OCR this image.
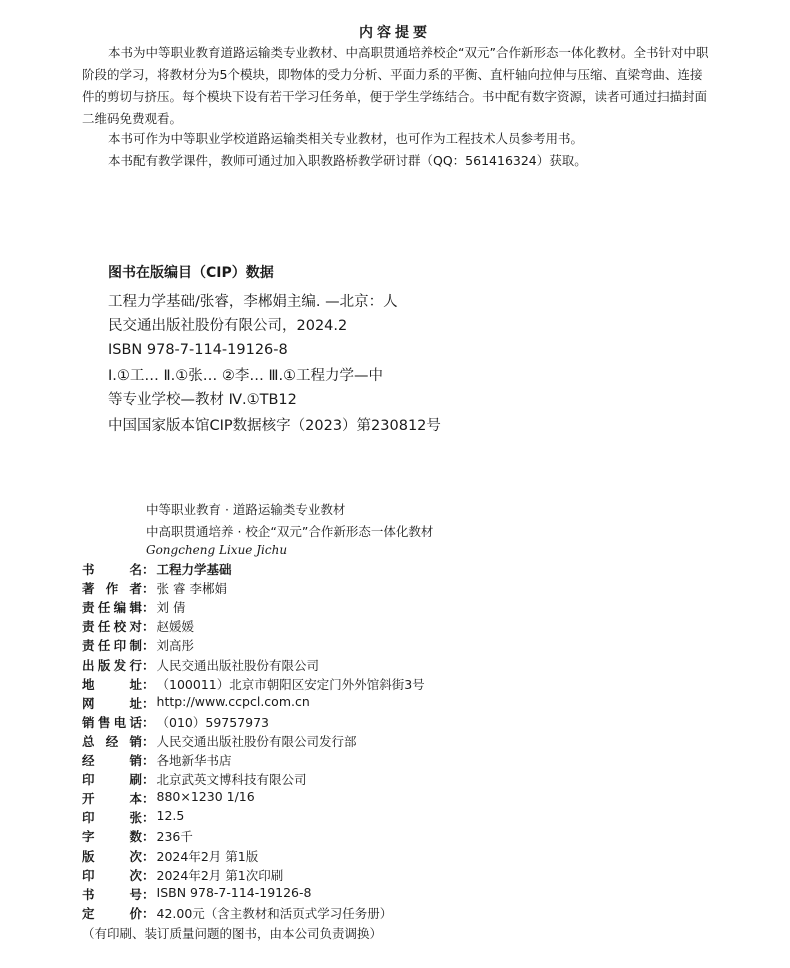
内容提要
本书为中等职业教育道路运输类专业教材、中高职贯通培养校企“双元”合作新形态一体化教材。全书针对中职阶段的学习，将教材分为5个模块，即物体的受力分析、平面力系的平衡、直杆轴向拉伸与压缩、直梁弯曲、连接件的剪切与挤压。每个模块下设有若干学习任务单，便于学生学练结合。书中配有数字资源，读者可通过扫描封面二维码免费观看。
本书可作为中等职业学校道路运输类相关专业教材，也可作为工程技术人员参考用书。
本书配有教学课件，教师可通过加入职教路桥教学研讨群（QQ：561416324）获取。
图书在版编目（CIP）数据
工程力学基础/张睿，李郴娟主编. —北京：人
民交通出版社股份有限公司，2024.2
ISBN 978-7-114-19126-8
Ⅰ.①工… Ⅱ.①张… ②李… Ⅲ.①工程力学—中
等专业学校—教材 Ⅳ.①TB12
中国国家版本馆CIP数据核字（2023）第230812号
中等职业教育 · 道路运输类专业教材
中高职贯通培养 · 校企“双元”合作新形态一体化教材
Gongcheng Lixue Jichu
书名 ： 工程力学基础
著作者 ： 张 睿 李郴娟
责任编辑 ： 刘 倩
责任校对 ： 赵媛媛
责任印制 ： 刘高彤
出版发行 ： 人民交通出版社股份有限公司
地址 ： （100011）北京市朝阳区安定门外外馆斜街3号
网址 ： http://www.ccpcl.com.cn
销售电话 ： （010）59757973
总经销 ： 人民交通出版社股份有限公司发行部
经销 ： 各地新华书店
印刷 ： 北京武英文博科技有限公司
开本 ： 880×1230 1/16
印张 ： 12.5
字数 ： 236千
版次 ： 2024年2月 第1版
印次 ： 2024年2月 第1次印刷
书号 ： ISBN 978-7-114-19126-8
定价 ： 42.00元（含主教材和活页式学习任务册）
（有印刷、装订质量问题的图书，由本公司负责调换）
